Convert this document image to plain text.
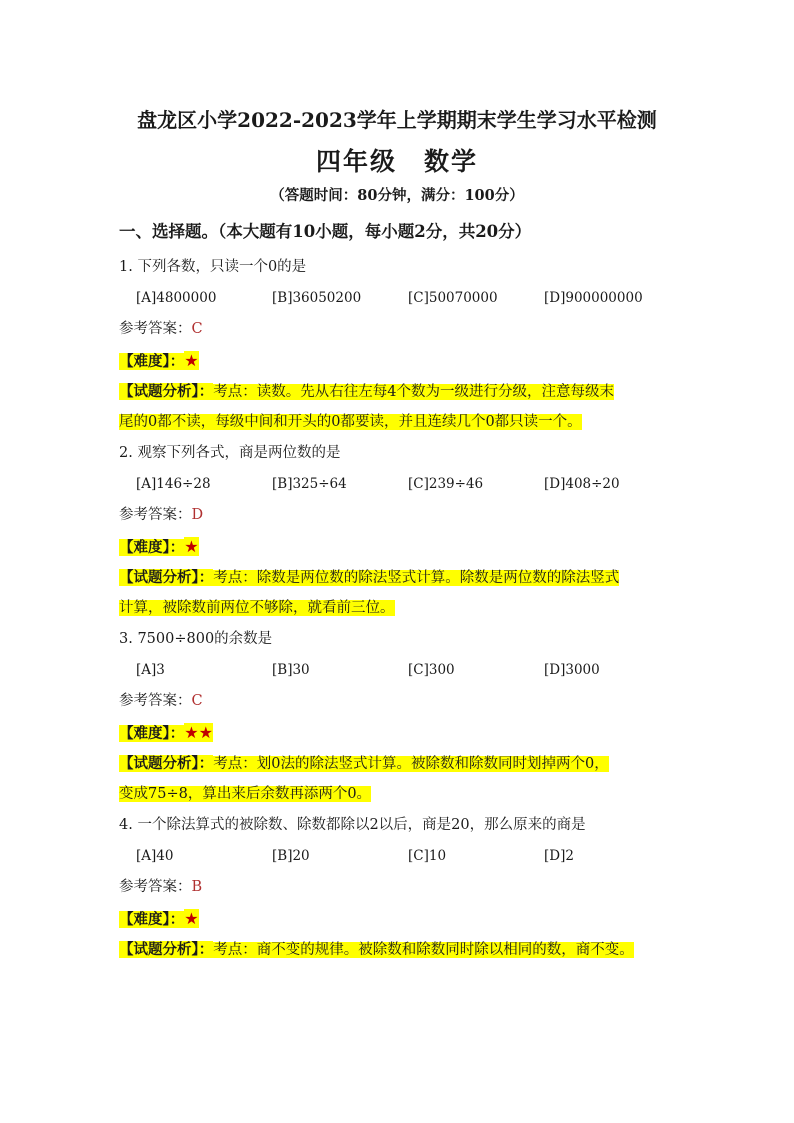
盘龙区小学2022-2023学年上学期期末学生学习水平检测
四年级　数学
（答题时间：80分钟，满分：100分）
一、选择题。（本大题有10小题，每小题2分，共20分）
1. 下列各数，只读一个0的是
[A]4800000	[B]36050200	[C]50070000	[D]900000000
参考答案：C
【难度】：★
【试题分析】：考点：读数。先从右往左每4个数为一级进行分级，注意每级末
尾的0都不读，每级中间和开头的0都要读，并且连续几个0都只读一个。
2. 观察下列各式，商是两位数的是
[A]146÷28	[B]325÷64	[C]239÷46	[D]408÷20
参考答案：D
【难度】：★
【试题分析】：考点：除数是两位数的除法竖式计算。除数是两位数的除法竖式
计算，被除数前两位不够除，就看前三位。
3. 7500÷800的余数是
[A]3	[B]30	[C]300	[D]3000
参考答案：C
【难度】：★★
【试题分析】：考点：划0法的除法竖式计算。被除数和除数同时划掉两个0，
变成75÷8，算出来后余数再添两个0。
4. 一个除法算式的被除数、除数都除以2以后，商是20，那么原来的商是
[A]40	[B]20	[C]10	[D]2
参考答案：B
【难度】：★
【试题分析】：考点：商不变的规律。被除数和除数同时除以相同的数，商不变。
